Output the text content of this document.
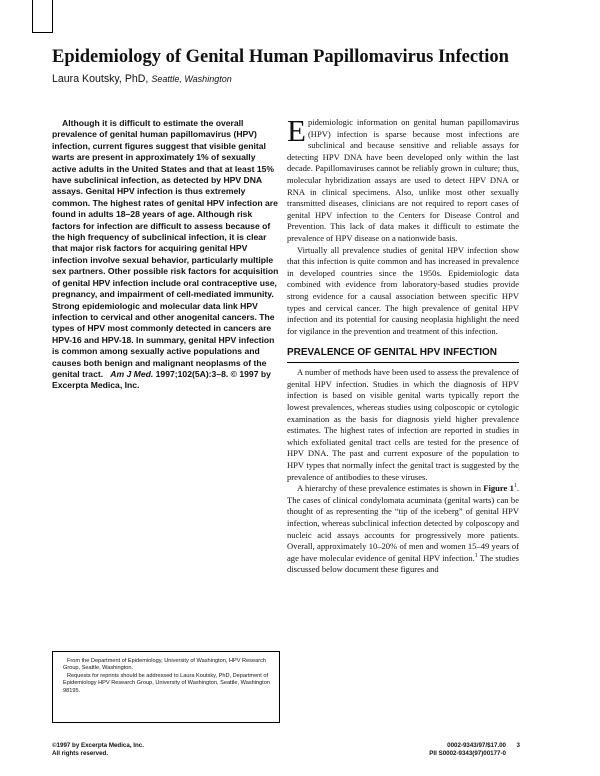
Epidemiology of Genital Human Papillomavirus Infection
Laura Koutsky, PhD, Seattle, Washington
Although it is difficult to estimate the overall prevalence of genital human papillomavirus (HPV) infection, current figures suggest that visible genital warts are present in approximately 1% of sexually active adults in the United States and that at least 15% have subclinical infection, as detected by HPV DNA assays. Genital HPV infection is thus extremely common. The highest rates of genital HPV infection are found in adults 18–28 years of age. Although risk factors for infection are difficult to assess because of the high frequency of subclinical infection, it is clear that major risk factors for acquiring genital HPV infection involve sexual behavior, particularly multiple sex partners. Other possible risk factors for acquisition of genital HPV infection include oral contraceptive use, pregnancy, and impairment of cell-mediated immunity. Strong epidemiologic and molecular data link HPV infection to cervical and other anogenital cancers. The types of HPV most commonly detected in cancers are HPV-16 and HPV-18. In summary, genital HPV infection is common among sexually active populations and causes both benign and malignant neoplasms of the genital tract. Am J Med. 1997;102(5A):3–8. © 1997 by Excerpta Medica, Inc.

Epidemiologic information on genital human papillomavirus (HPV) infection is sparse because most infections are subclinical and because sensitive and reliable assays for detecting HPV DNA have been developed only within the last decade. Papillomaviruses cannot be reliably grown in culture; thus, molecular hybridization assays are used to detect HPV DNA or RNA in clinical specimens. Also, unlike most other sexually transmitted diseases, clinicians are not required to report cases of genital HPV infection to the Centers for Disease Control and Prevention. This lack of data makes it difficult to estimate the prevalence of HPV disease on a nationwide basis.

Virtually all prevalence studies of genital HPV infection show that this infection is quite common and has increased in prevalence in developed countries since the 1950s. Epidemiologic data combined with evidence from laboratory-based studies provide strong evidence for a causal association between specific HPV types and cervical cancer. The high prevalence of genital HPV infection and its potential for causing neoplasia highlight the need for vigilance in the prevention and treatment of this infection.

PREVALENCE OF GENITAL HPV INFECTION

A number of methods have been used to assess the prevalence of genital HPV infection. Studies in which the diagnosis of HPV infection is based on visible genital warts typically report the lowest prevalences, whereas studies using colposcopic or cytologic examination as the basis for diagnosis yield higher prevalence estimates. The highest rates of infection are reported in studies in which exfoliated genital tract cells are tested for the presence of HPV DNA. The past and current exposure of the population to HPV types that normally infect the genital tract is suggested by the prevalence of antibodies to these viruses.

A hierarchy of these prevalence estimates is shown in Figure $1^1$. The cases of clinical condylomata acuminata (genital warts) can be thought of as representing the “tip of the iceberg” of genital HPV infection, whereas subclinical infection detected by colposcopy and nucleic acid assays accounts for progressively more patients. Overall, approximately 10–20% of men and women 15–49 years of age have molecular evidence of genital HPV infection.$^1$ The studies discussed below document these figures and

From the Department of Epidemiology, University of Washington, HPV Research Group, Seattle, Washington.

Requests for reprints should be addressed to Laura Koutsky, PhD, Department of Epidemiology HPV Research Group, University of Washington, Seattle, Washington 98195.

©1997 by Excerpta Medica, Inc.
All rights reserved.
0002-9343/97/$17.00
PII S0002-9343(97)00177-0
3
